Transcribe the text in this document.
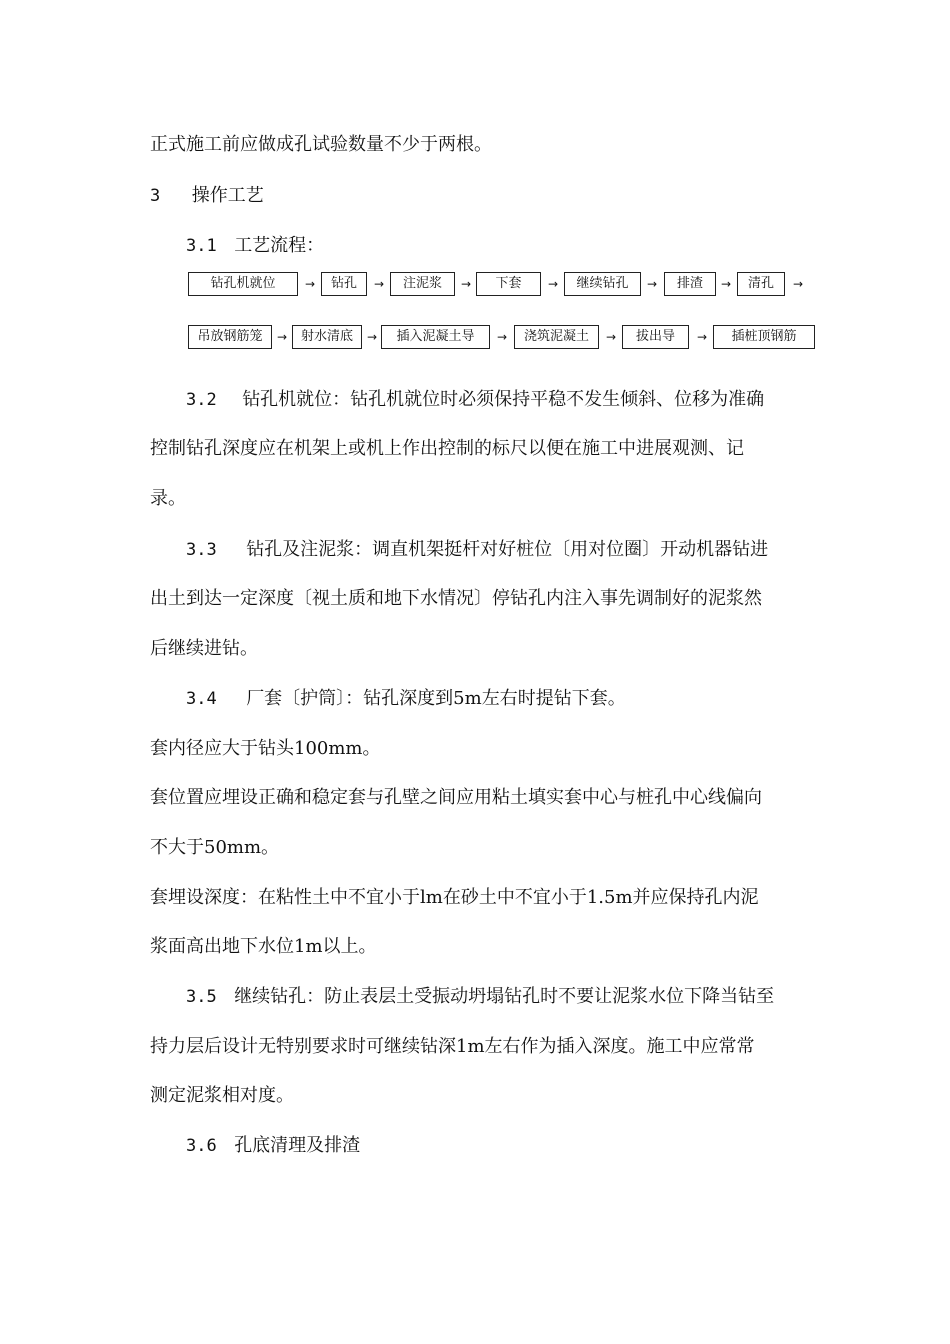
正式施工前应做成孔试验数量不少于两根。
3 操作工艺
3.1 工艺流程：
钻孔机就位	→	钻孔	→	注泥浆	→	下套	→	继续钻孔	→	排渣	→	清孔	→
吊放钢筋笼	→	射水清底	→	插入泥凝土导	→	浇筑泥凝土	→	拔出导	→	插桩顶钢筋
3.2 钻孔机就位：钻孔机就位时必须保持平稳不发生倾斜、位移为准确
控制钻孔深度应在机架上或机上作出控制的标尺以便在施工中进展观测、记
录。
3.3 钻孔及注泥浆：调直机架挺杆对好桩位〔用对位圈〕开动机器钻进
出土到达一定深度〔视土质和地下水情况〕停钻孔内注入事先调制好的泥浆然
后继续进钻。
3.4 厂套〔护筒〕：钻孔深度到5m左右时提钻下套。
套内径应大于钻头100mm。
套位置应埋设正确和稳定套与孔壁之间应用粘土填实套中心与桩孔中心线偏向
不大于50mm。
套埋设深度：在粘性土中不宜小于lm在砂土中不宜小于1.5m并应保持孔内泥
浆面高出地下水位1m以上。
3.5 继续钻孔：防止表层土受振动坍塌钻孔时不要让泥浆水位下降当钻至
持力层后设计无特别要求时可继续钻深1m左右作为插入深度。施工中应常常
测定泥浆相对度。
3.6 孔底清理及排渣
